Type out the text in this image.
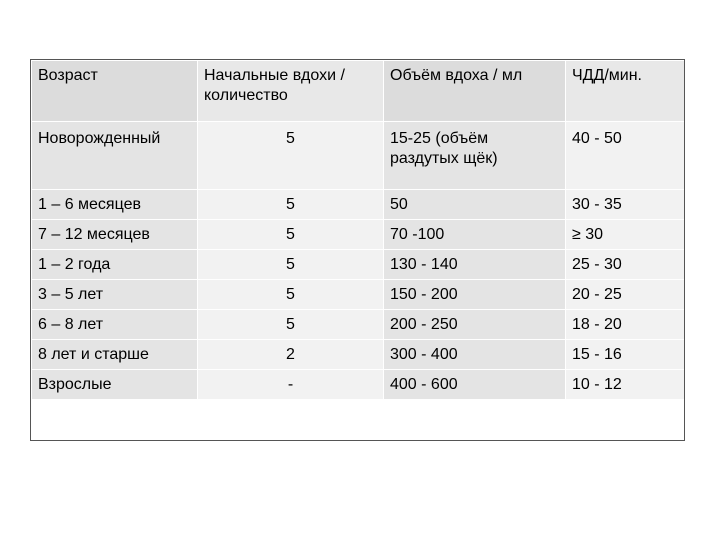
Возраст	Начальные вдохи / количество	Объём вдоха / мл	ЧДД/мин.
Новорожденный	5	15-25 (объём раздутых щёк)	40 - 50
1 – 6 месяцев	5	50	30 - 35
7 – 12 месяцев	5	70 -100	≥ 30
1 – 2 года	5	130 - 140	25 - 30
3 – 5 лет	5	150 - 200	20 - 25
6 – 8 лет	5	200 - 250	18 - 20
8 лет и старше	2	300 - 400	15 - 16
Взрослые	-	400 - 600	10 - 12
